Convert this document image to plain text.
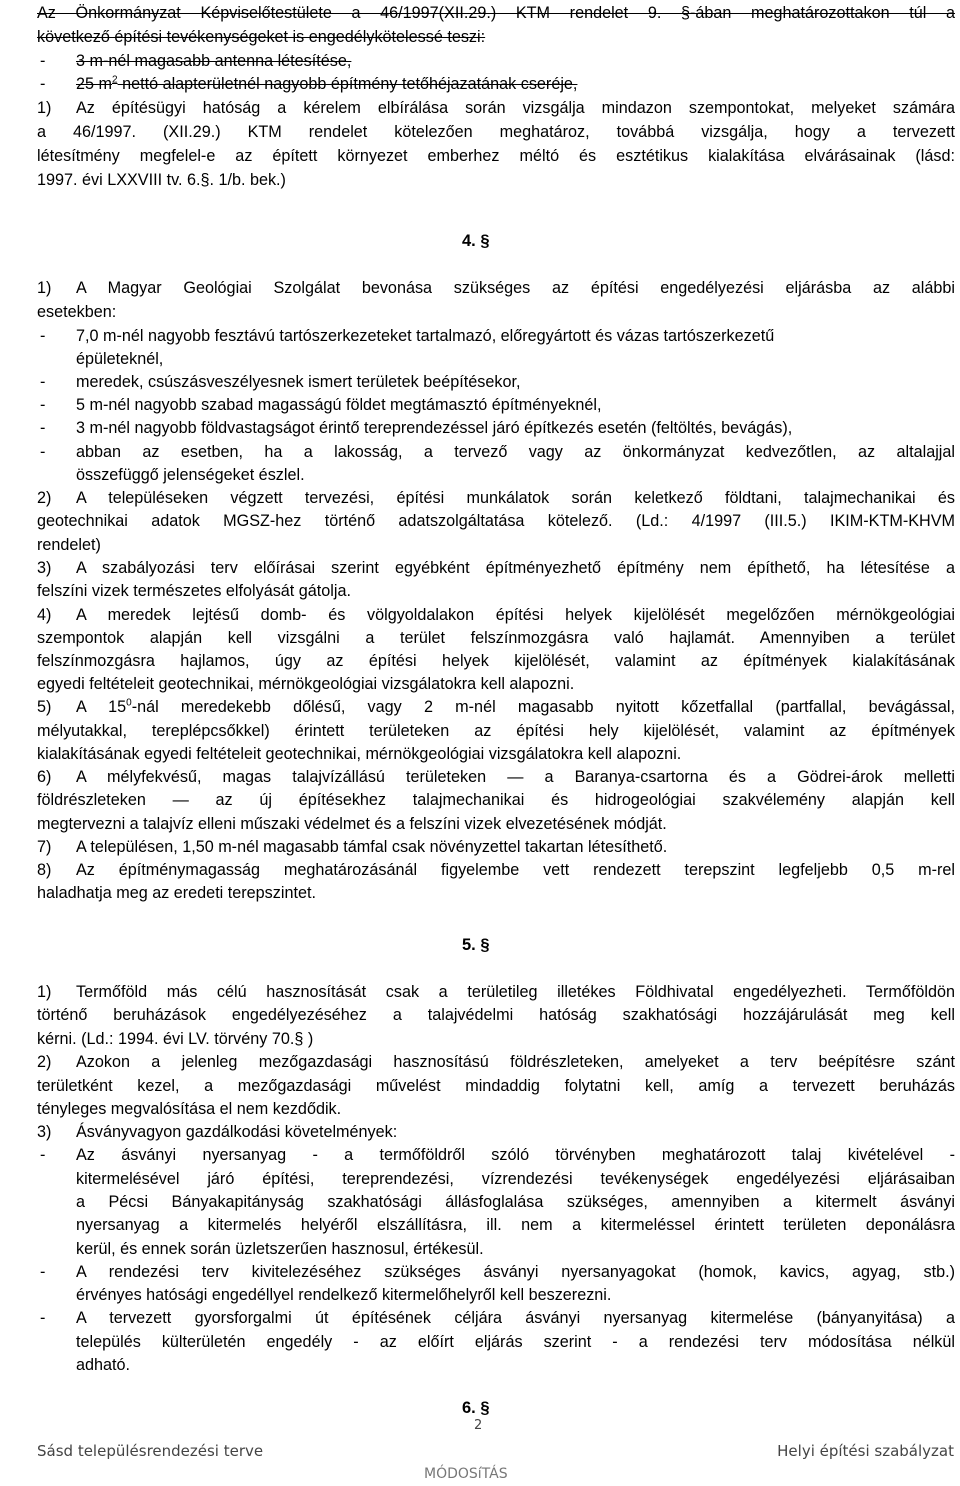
Az Önkormányzat Képviselőtestülete a 46/1997(XII.29.) KTM rendelet 9. §-ában meghatározottakon túl a
következő építési tevékenységeket is engedélykötelessé teszi:
- 3 m-nél magasabb antenna létesítése,
- 25 $m^2$ nettó alapterületnél nagyobb építmény tetőhéjazatának cseréje,
1) Az építésügyi hatóság a kérelem elbírálása során vizsgálja mindazon szempontokat, melyeket számára
a 46/1997. (XII.29.) KTM rendelet kötelezően meghatároz, továbbá vizsgálja, hogy a tervezett
létesítmény megfelel-e az épített környezet emberhez méltó és esztétikus kialakítása elvárásainak (lásd:
1997. évi LXXVIII tv. 6.§. 1/b. bek.)
4. §
1) A Magyar Geológiai Szolgálat bevonása szükséges az építési engedélyezési eljárásba az alábbi
esetekben:
- 7,0 m-nél nagyobb fesztávú tartószerkezeteket tartalmazó, előregyártott és vázas tartószerkezetű
épületeknél,
- meredek, csúszásveszélyesnek ismert területek beépítésekor,
- 5 m-nél nagyobb szabad magasságú földet megtámasztó építményeknél,
- 3 m-nél nagyobb földvastagságot érintő tereprendezéssel járó építkezés esetén (feltöltés, bevágás),
- abban az esetben, ha a lakosság, a tervező vagy az önkormányzat kedvezőtlen, az altalajjal
összefüggő jelenségeket észlel.
2) A településeken végzett tervezési, építési munkálatok során keletkező földtani, talajmechanikai és
geotechnikai adatok MGSZ-hez történő adatszolgáltatása kötelező. (Ld.: 4/1997 (III.5.) IKIM-KTM-KHVM
rendelet)
3) A szabályozási terv előírásai szerint egyébként építményezhető építmény nem építhető, ha létesítése a
felszíni vizek természetes elfolyását gátolja.
4) A meredek lejtésű domb- és völgyoldalakon építési helyek kijelölését megelőzően mérnökgeológiai
szempontok alapján kell vizsgálni a terület felszínmozgásra való hajlamát. Amennyiben a terület
felszínmozgásra hajlamos, úgy az építési helyek kijelölését, valamint az építmények kialakításának
egyedi feltételeit geotechnikai, mérnökgeológiai vizsgálatokra kell alapozni.
5) A $15^0$-nál meredekebb dőlésű, vagy 2 m-nél magasabb nyitott kőzetfallal (partfallal, bevágással,
mélyutakkal, tereplépcsőkkel) érintett területeken az építési hely kijelölését, valamint az építmények
kialakításának egyedi feltételeit geotechnikai, mérnökgeológiai vizsgálatokra kell alapozni.
6) A mélyfekvésű, magas talajvízállású területeken — a Baranya-csartorna és a Gödrei-árok melletti
földrészleteken — az új építésekhez talajmechanikai és hidrogeológiai szakvélemény alapján kell
megtervezni a talajvíz elleni műszaki védelmet és a felszíni vizek elvezetésének módját.
7) A településen, 1,50 m-nél magasabb támfal csak növényzettel takartan létesíthető.
8) Az építménymagasság meghatározásánál figyelembe vett rendezett terepszint legfeljebb 0,5 m-rel
haladhatja meg az eredeti terepszintet.
5. §
1) Termőföld más célú hasznosítását csak a területileg illetékes Földhivatal engedélyezheti. Termőföldön
történő beruházások engedélyezéséhez a talajvédelmi hatóság szakhatósági hozzájárulását meg kell
kérni. (Ld.: 1994. évi LV. törvény 70.§ )
2) Azokon a jelenleg mezőgazdasági hasznosítású földrészleteken, amelyeket a terv beépítésre szánt
területként kezel, a mezőgazdasági művelést mindaddig folytatni kell, amíg a tervezett beruházás
tényleges megvalósítása el nem kezdődik.
3) Ásványvagyon gazdálkodási követelmények:
- Az ásványi nyersanyag - a termőföldről szóló törvényben meghatározott talaj kivételével -
kitermelésével járó építési, tereprendezési, vízrendezési tevékenységek engedélyezési eljárásaiban
a Pécsi Bányakapitányság szakhatósági állásfoglalása szükséges, amennyiben a kitermelt ásványi
nyersanyag a kitermelés helyéről elszállításra, ill. nem a kitermeléssel érintett területen deponálásra
kerül, és ennek során üzletszerűen hasznosul, értékesül.
- A rendezési terv kivitelezéséhez szükséges ásványi nyersanyagokat (homok, kavics, agyag, stb.)
érvényes hatósági engedéllyel rendelkező kitermelőhelyről kell beszerezni.
- A tervezett gyorsforgalmi út építésének céljára ásványi nyersanyag kitermelése (bányanyitása) a
település külterületén engedély - az előírt eljárás szerint - a rendezési terv módosítása nélkül
adható.
6. §
2
Sásd településrendezési terve	Helyi építési szabályzat
MÓDOSíTÁS
